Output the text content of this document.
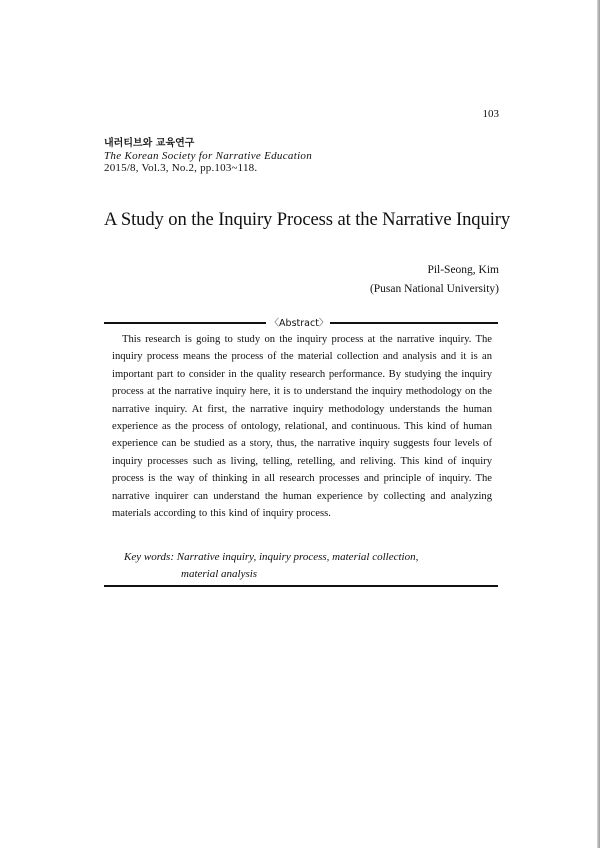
103
내러티브와 교육연구
The Korean Society for Narrative Education
2015/8, Vol.3, No.2, pp.103~118.
A Study on the Inquiry Process at the Narrative Inquiry
Pil-Seong, Kim
(Pusan National University)
〈Abstract〉
This research is going to study on the inquiry process at the narrative inquiry. The inquiry process means the process of the material collection and analysis and it is an important part to consider in the quality research performance. By studying the inquiry process at the narrative inquiry here, it is to understand the inquiry methodology on the narrative inquiry. At first, the narrative inquiry methodology understands the human experience as the process of ontology, relational, and continuous. This kind of human experience can be studied as a story, thus, the narrative inquiry suggests four levels of inquiry processes such as living, telling, retelling, and reliving. This kind of inquiry process is the way of thinking in all research processes and principle of inquiry. The narrative inquirer can understand the human experience by collecting and analyzing materials according to this kind of inquiry process.
Key words: Narrative inquiry, inquiry process, material collection,
material analysis
